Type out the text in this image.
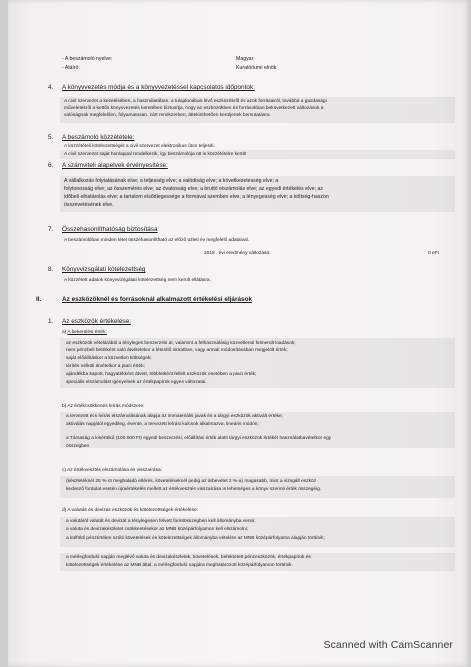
- A beszámoló nyelve:	Magyar
- Aláíró:	Kuratóriumi elnök
4. A könyvvezetés módja és a könyvvezetéssel kapcsolatos időpontok:
A civil szervezet a kezelésében, a használatában, a tulajdonában lévő eszközökről és azok forrásairól, továbbá a gazdasági
műveletekről a kettős könyvvezetés keretében biztosítja, hogy az eszközökben és forrásokban bekövetkezett változások a
valóságnak megfelelően, folyamatosan, zárt rendszerben, áttekinthetően kerüljenek bemutatásra.
5. A beszámoló közzététele:
A közzétételi kötelezettségét a civil szervezet elektronikus úton teljesíti.
A civil szervezet saját honlappal rendelkezik, így beszámolója ott is közzétételre kerül!
6. A számviteli alapelvek érvényesítése:
A vállalkozás folytatásának elve; a teljesség elve; a valódiság elve; a következetesség elve; a
folytonosság elve; az összemérés elve; az óvatosság elve; a bruttó elszámolás elve; az egyedi értékelés elve; az
időbeli elhatárolás elve; a tartalom elsődlegessége a formával szemben elve; a lényegesség elve; a költség-haszon
összevetésének elve.
7. Összehasonlíthatóság biztosítása
A beszámolóban minden tétel összehasonlítható az előző üzleti év megfelelő adataival.
2018 . évi eredmény változása:	0 eFt
8. Könyvvizsgálati kötelezettség
A közzétett adatok könyvvizsgálati kötelezettség nem került ellátásra.
II.	Az eszközöknél és forrásoknál alkalmazott értékelési eljárások
1. Az eszközök értékelése:
a) A bekerülési érték:
az eszközök vételárából a tényleges beszerzési ár, valamint a felhasználásig közvetlenül felmerült kiadások;
nem pénzbeli betétként való átvételekor a létesítő okiratban, vagy annak módosításában megjelölt érték;
saját előállításkor a közvetlen költségek;
térítés nélküli átvételkor a piaci érték;
ajándékba kapott, hagyatékként átvett, többletként fellelt eszközök esetében a piaci érték;
speciális elszámolást igényelnek az értékpapírok egyes változatai.
b) Az értékcsökkenés leírás módszere:
a tervezett écs leírás elszámolásának alapja az immateriális javak és a tárgyi eszközök aktivált értéke;
aktiválás napjától egyedileg, évente, a tervezett leírási kulcsok alkalmazva, lineáris módon;
a Társaság a kisértékű (100.000 Ft) egyedi beszerzési, előállítási érték alatti tárgyi eszközök értékét használatbavételkor egy
összegben
c) Az értékvesztés elszámolása és visszaírása:
(készletéknél 25 %-ot meghaladó eltérés, követeléseknél pedig az árbevétel 2 %-a) magasabb, mint a vizsgált eszköz
kedvező fordulat esetén újraértékelés mellett az értékvesztés visszaírása is lehetséges a könyv szerinti érték összegéig.
d) A valutás és devizás eszközök és kötelezettségek értékelése:
a valutáról valutát és devizát a ténylegesen felvett forintösszegben kell állományba venni;
a valuta és devizakészletet csökkentésekor az MNB középárfolyamon kell elszámolni;
a külföldi pénzértékre szóló követelések és kötelezettségek állományba vételére az MNB középárfolyama alapján történik;
a mérlegforduló napján meglévő valuta és devizakészletek, követelések, befektetett pénzeszközök, értékpapírok és
kötelezettségek értékelése az MNB által, a mérlegforduló napjára meghatározott középárfolyamon történik.
Scanned with CamScanner
